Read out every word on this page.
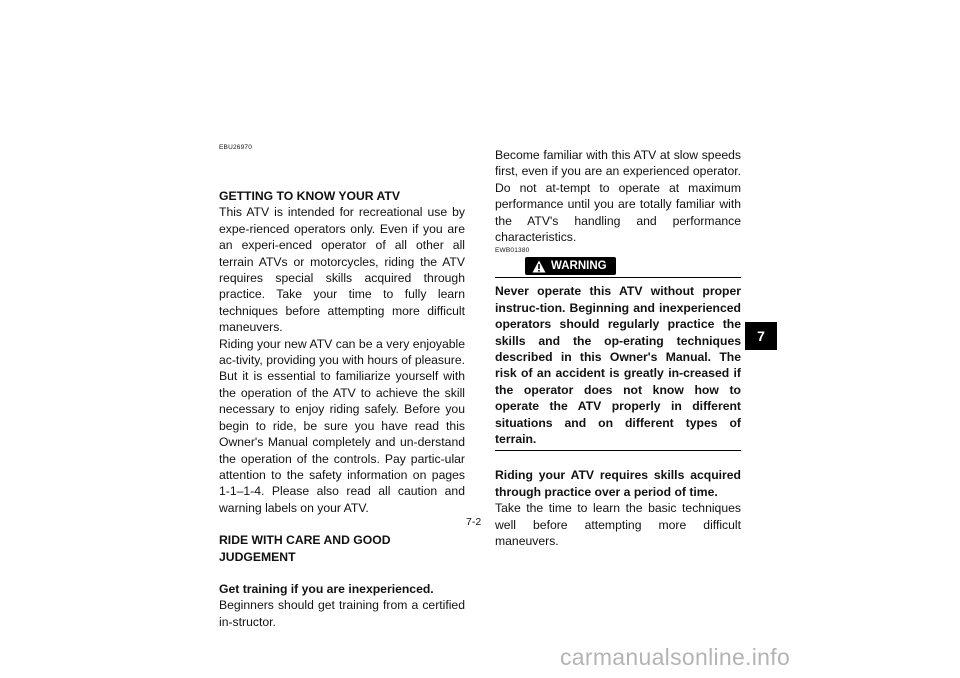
EBU26970

GETTING TO KNOW YOUR ATV

This ATV is intended for recreational use by expe-rienced operators only. Even if you are an experi-enced operator of all other all terrain ATVs or motorcycles, riding the ATV requires special skills acquired through practice. Take your time to fully learn techniques before attempting more difficult maneuvers.

Riding your new ATV can be a very enjoyable ac-tivity, providing you with hours of pleasure. But it is essential to familiarize yourself with the operation of the ATV to achieve the skill necessary to enjoy riding safely. Before you begin to ride, be sure you have read this Owner's Manual completely and un-derstand the operation of the controls. Pay partic-ular attention to the safety information on pages 1-1–1-4. Please also read all caution and warning labels on your ATV.

RIDE WITH CARE AND GOOD JUDGEMENT

Get training if you are inexperienced.

Beginners should get training from a certified in-structor.

Become familiar with this ATV at slow speeds first, even if you are an experienced operator. Do not at-tempt to operate at maximum performance until you are totally familiar with the ATV's handling and performance characteristics.

EWB01380
WARNING

Never operate this ATV without proper instruc-tion. Beginning and inexperienced operators should regularly practice the skills and the op-erating techniques described in this Owner's Manual. The risk of an accident is greatly in-creased if the operator does not know how to operate the ATV properly in different situations and on different types of terrain.

Riding your ATV requires skills acquired through practice over a period of time.

Take the time to learn the basic techniques well before attempting more difficult maneuvers.

7-2
7
carmanualsonline.info
